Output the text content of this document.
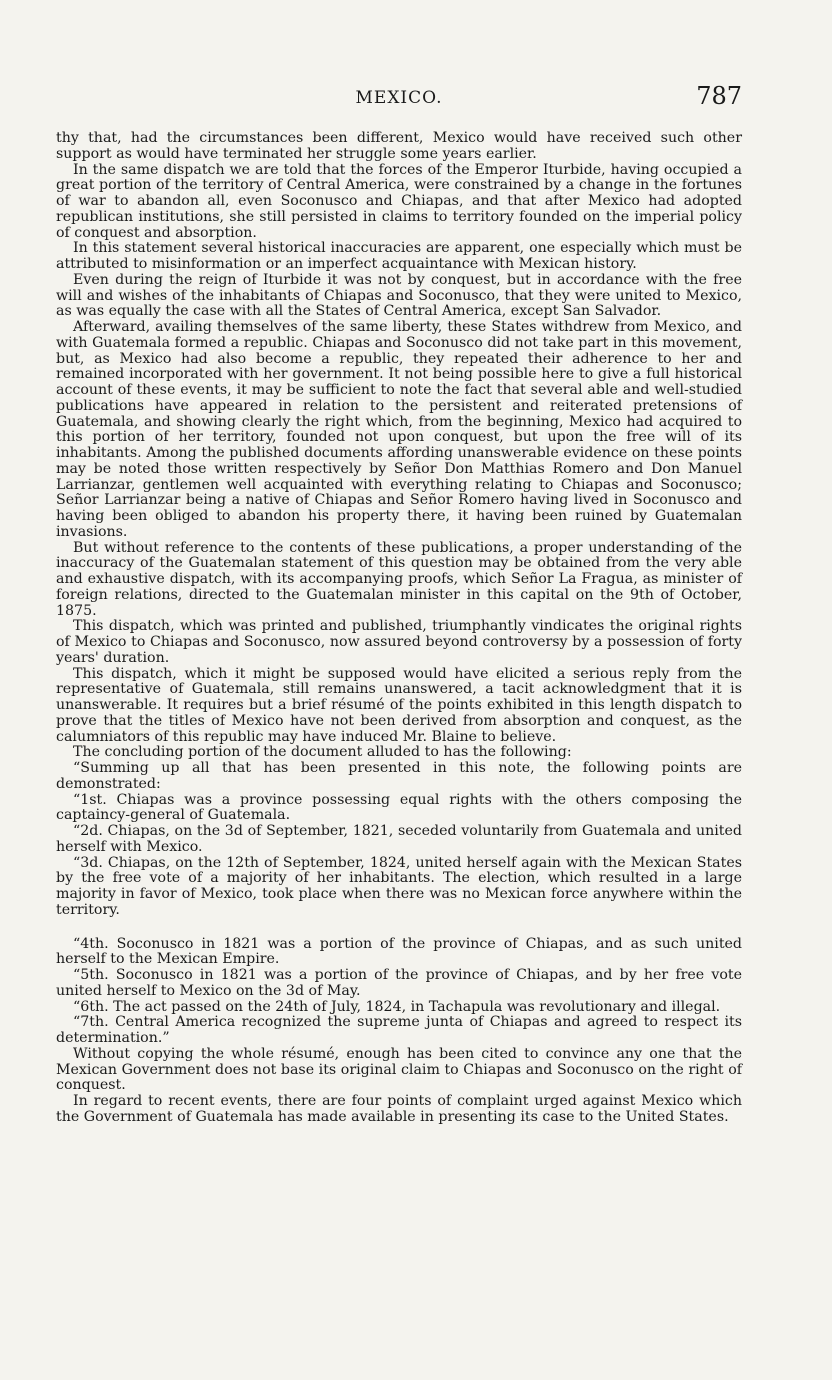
MEXICO.	787

thy that, had the circumstances been different, Mexico would have received such other support as would have terminated her struggle some years earlier.

In the same dispatch we are told that the forces of the Emperor Iturbide, having occupied a great portion of the territory of Central America, were constrained by a change in the fortunes of war to abandon all, even Soconusco and Chiapas, and that after Mexico had adopted republican institutions, she still persisted in claims to territory founded on the imperial policy of conquest and absorption.

In this statement several historical inaccuracies are apparent, one especially which must be attributed to misinformation or an imperfect acquaintance with Mexican history.

Even during the reign of Iturbide it was not by conquest, but in accordance with the free will and wishes of the inhabitants of Chiapas and Soconusco, that they were united to Mexico, as was equally the case with all the States of Central America, except San Salvador.

Afterward, availing themselves of the same liberty, these States withdrew from Mexico, and with Guatemala formed a republic. Chiapas and Soconusco did not take part in this movement, but, as Mexico had also become a republic, they repeated their adherence to her and remained incorporated with her government. It not being possible here to give a full historical account of these events, it may be sufficient to note the fact that several able and well-studied publications have appeared in relation to the persistent and reiterated pretensions of Guatemala, and showing clearly the right which, from the beginning, Mexico had acquired to this portion of her territory, founded not upon conquest, but upon the free will of its inhabitants. Among the published documents affording unanswerable evidence on these points may be noted those written respectively by Señor Don Matthias Romero and Don Manuel Larrianzar, gentlemen well acquainted with everything relating to Chiapas and Soconusco; Señor Larrianzar being a native of Chiapas and Señor Romero having lived in Soconusco and having been obliged to abandon his property there, it having been ruined by Guatemalan invasions.

But without reference to the contents of these publications, a proper understanding of the inaccuracy of the Guatemalan statement of this question may be obtained from the very able and exhaustive dispatch, with its accompanying proofs, which Señor La Fragua, as minister of foreign relations, directed to the Guatemalan minister in this capital on the 9th of October, 1875.

This dispatch, which was printed and published, triumphantly vindicates the original rights of Mexico to Chiapas and Soconusco, now assured beyond controversy by a possession of forty years' duration.

This dispatch, which it might be supposed would have elicited a serious reply from the representative of Guatemala, still remains unanswered, a tacit acknowledgment that it is unanswerable. It requires but a brief résumé of the points exhibited in this length dispatch to prove that the titles of Mexico have not been derived from absorption and conquest, as the calumniators of this republic may have induced Mr. Blaine to believe.

The concluding portion of the document alluded to has the following:

“Summing up all that has been presented in this note, the following points are demonstrated:

“1st. Chiapas was a province possessing equal rights with the others composing the captaincy-general of Guatemala.

“2d. Chiapas, on the 3d of September, 1821, seceded voluntarily from Guatemala and united herself with Mexico.

“3d. Chiapas, on the 12th of September, 1824, united herself again with the Mexican States by the free vote of a majority of her inhabitants. The election, which resulted in a large majority in favor of Mexico, took place when there was no Mexican force anywhere within the territory.

“4th. Soconusco in 1821 was a portion of the province of Chiapas, and as such united herself to the Mexican Empire.

“5th. Soconusco in 1821 was a portion of the province of Chiapas, and by her free vote united herself to Mexico on the 3d of May.

“6th. The act passed on the 24th of July, 1824, in Tachapula was revolutionary and illegal.

“7th. Central America recognized the supreme junta of Chiapas and agreed to respect its determination.”

Without copying the whole résumé, enough has been cited to convince any one that the Mexican Government does not base its original claim to Chiapas and Soconusco on the right of conquest.

In regard to recent events, there are four points of complaint urged against Mexico which the Government of Guatemala has made available in presenting its case to the United States.
